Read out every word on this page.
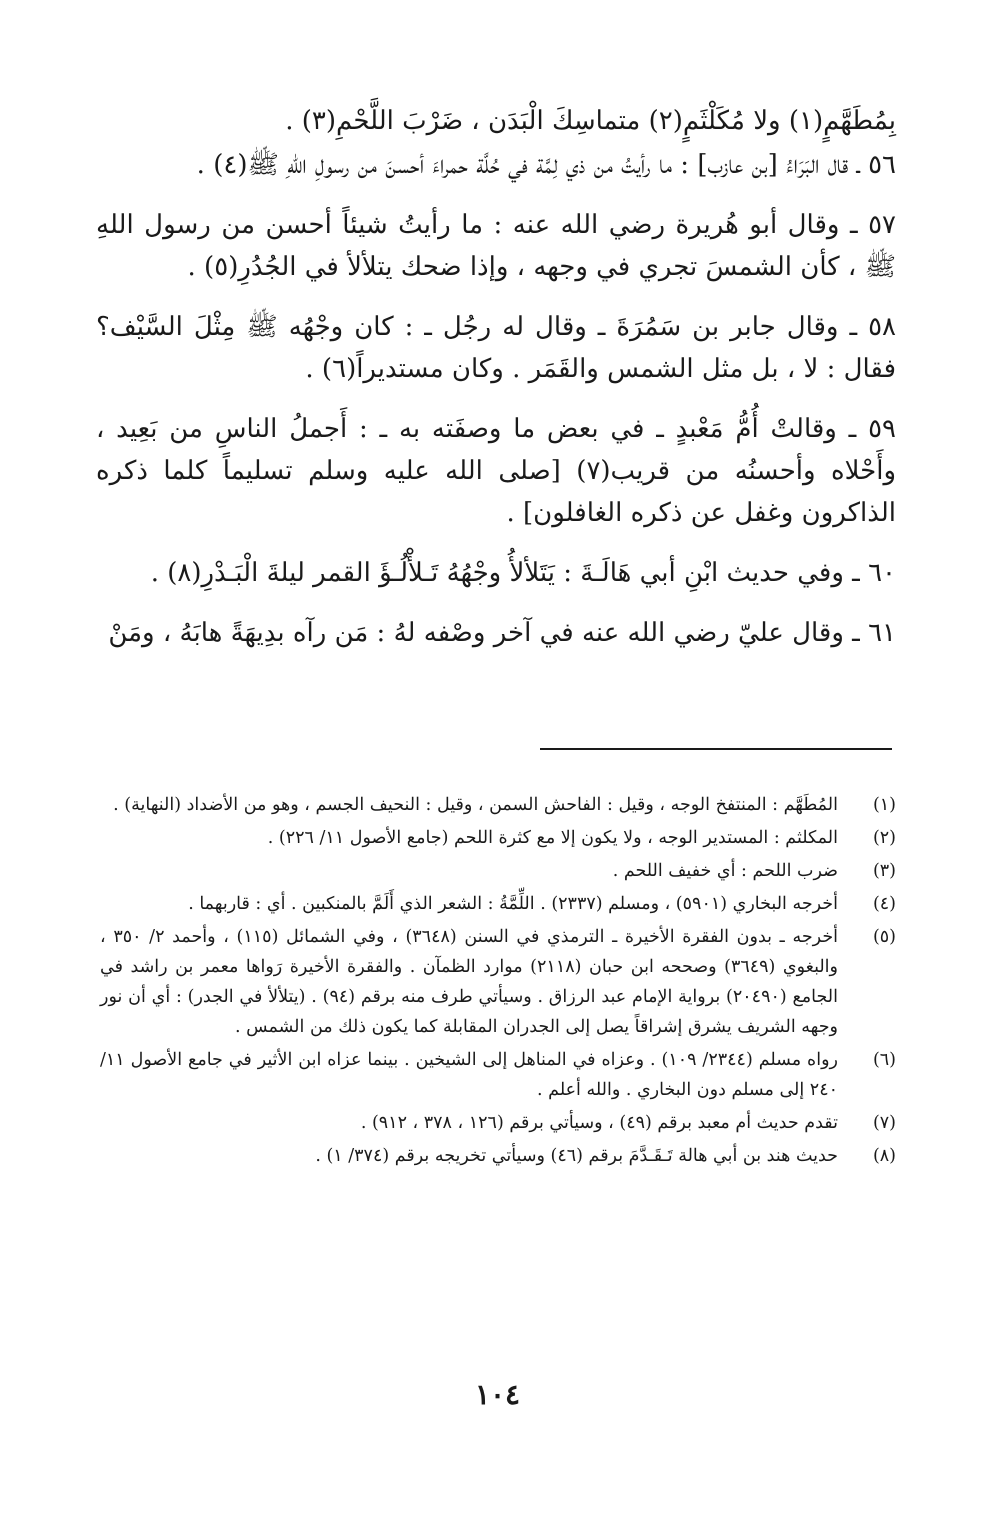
بِمُطَهَّمٍ(١) ولا مُكَلْثَمٍ(٢) متماسِكَ الْبَدَن ، ضَرْبَ اللَّحْمِ(٣) .

٥٦ ـ قال البَرَاءُ [بن عازب] : ما رأيتُ من ذي لِمَّة في حُلَّة حمراءَ أحسنَ من رسولِ اللهِ ﷺ(٤) .

٥٧ ـ وقال أبو هُريرة رضي الله عنه : ما رأيتُ شيئاً أحسن من رسول اللهِ ﷺ ، كأن الشمسَ تجري في وجهه ، وإذا ضحك يتلألأ في الجُدُرِ(٥) .

٥٨ ـ وقال جابر بن سَمُرَةَ ـ وقال له رجُل ـ : كان وجْهُه ﷺ مِثْلَ السَّيْف؟ فقال : لا ، بل مثل الشمس والقَمَر . وكان مستديراً(٦) .

٥٩ ـ وقالتْ أُمُّ مَعْبدٍ ـ في بعض ما وصفَته به ـ : أَجملُ الناسِ من بَعِيد ، وأَحْلاه وأحسنُه من قريب(٧) [صلى الله عليه وسلم تسليماً كلما ذكره الذاكرون وغفل عن ذكره الغافلون] .

٦٠ ـ وفي حديث ابْنِ أبي هَالَـةَ : يَتَلألأُ وجْهُهُ تَـلأْلُـؤَ القمر ليلةَ الْبَـدْرِ(٨) .

٦١ ـ وقال عليّ رضي الله عنه في آخر وصْفه لهُ : مَن رآه بدِيهَةً هابَهُ ، ومَنْ

(١)
المُطَهَّم : المنتفخ الوجه ، وقيل : الفاحش السمن ، وقيل : النحيف الجسم ، وهو من الأضداد (النهاية) .
(٢)
المكلثم : المستدير الوجه ، ولا يكون إلا مع كثرة اللحم (جامع الأصول ١١/ ٢٢٦) .
(٣)
ضرب اللحم : أي خفيف اللحم .
(٤)
أخرجه البخاري (٥٩٠١) ، ومسلم (٢٣٣٧) . اللِّمَّةُ : الشعر الذي أَلَمَّ بالمنكبين . أي : قاربهما .
(٥)
أخرجه ـ بدون الفقرة الأخيرة ـ الترمذي في السنن (٣٦٤٨) ، وفي الشمائل (١١٥) ، وأحمد ٢/ ٣٥٠ ، والبغوي (٣٦٤٩) وصححه ابن حبان (٢١١٨) موارد الظمآن . والفقرة الأخيرة رَواها معمر بن راشد في الجامع (٢٠٤٩٠) برواية الإمام عبد الرزاق . وسيأتي طرف منه برقم (٩٤) . (يتلألأ في الجدر) : أي أن نور وجهه الشريف يشرق إشراقاً يصل إلى الجدران المقابلة كما يكون ذلك من الشمس .
(٦)
رواه مسلم (٢٣٤٤/ ١٠٩) . وعزاه في المناهل إلى الشيخين . بينما عزاه ابن الأثير في جامع الأصول ١١/ ٢٤٠ إلى مسلم دون البخاري . والله أعلم .
(٧)
تقدم حديث أم معبد برقم (٤٩) ، وسيأتي برقم (١٢٦ ، ٣٧٨ ، ٩١٢) .
(٨)
حديث هند بن أبي هالة تَـقَـدَّمَ برقم (٤٦) وسيأتي تخريجه برقم (٣٧٤/ ١) .
١٠٤
